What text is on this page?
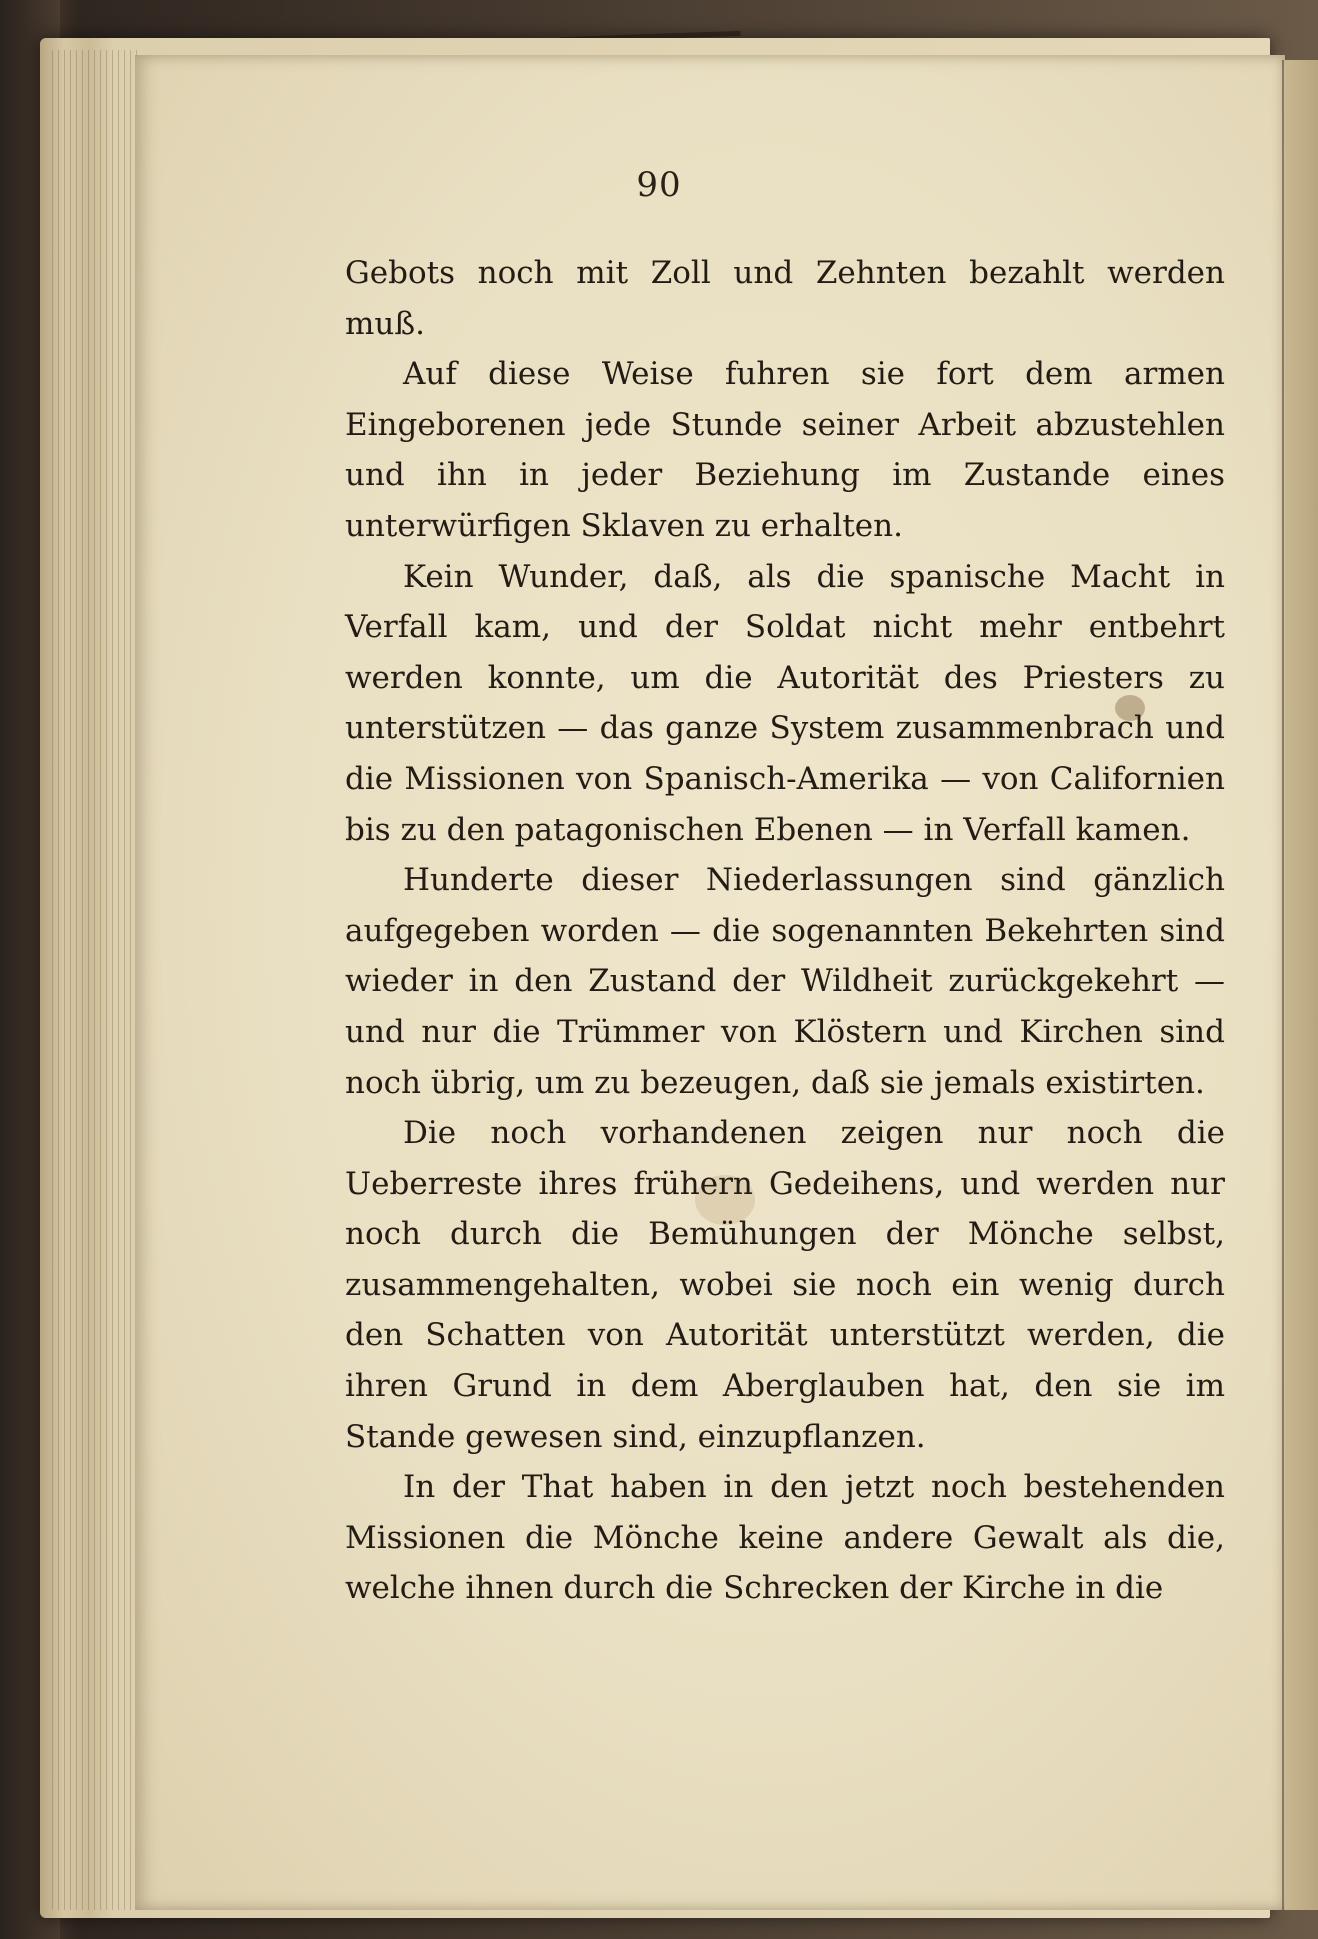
90

Gebots noch mit Zoll und Zehnten bezahlt werden muß.

Auf diese Weise fuhren sie fort dem armen Eingeborenen jede Stunde seiner Arbeit abzustehlen und ihn in jeder Beziehung im Zustande eines unterwürfigen Sklaven zu erhalten.

Kein Wunder, daß, als die spanische Macht in Verfall kam, und der Soldat nicht mehr entbehrt werden konnte, um die Autorität des Priesters zu unterstützen — das ganze System zusammenbrach und die Missionen von Spanisch-Amerika — von Californien bis zu den patagonischen Ebenen — in Verfall kamen.

Hunderte dieser Niederlassungen sind gänzlich aufgegeben worden — die sogenannten Bekehrten sind wieder in den Zustand der Wildheit zurückgekehrt — und nur die Trümmer von Klöstern und Kirchen sind noch übrig, um zu bezeugen, daß sie jemals existirten.

Die noch vorhandenen zeigen nur noch die Ueberreste ihres frühern Gedeihens, und werden nur noch durch die Bemühungen der Mönche selbst, zusammengehalten, wobei sie noch ein wenig durch den Schatten von Autorität unterstützt werden, die ihren Grund in dem Aberglauben hat, den sie im Stande gewesen sind, einzupflanzen.

In der That haben in den jetzt noch bestehenden Missionen die Mönche keine andere Gewalt als die, welche ihnen durch die Schrecken der Kirche in die
